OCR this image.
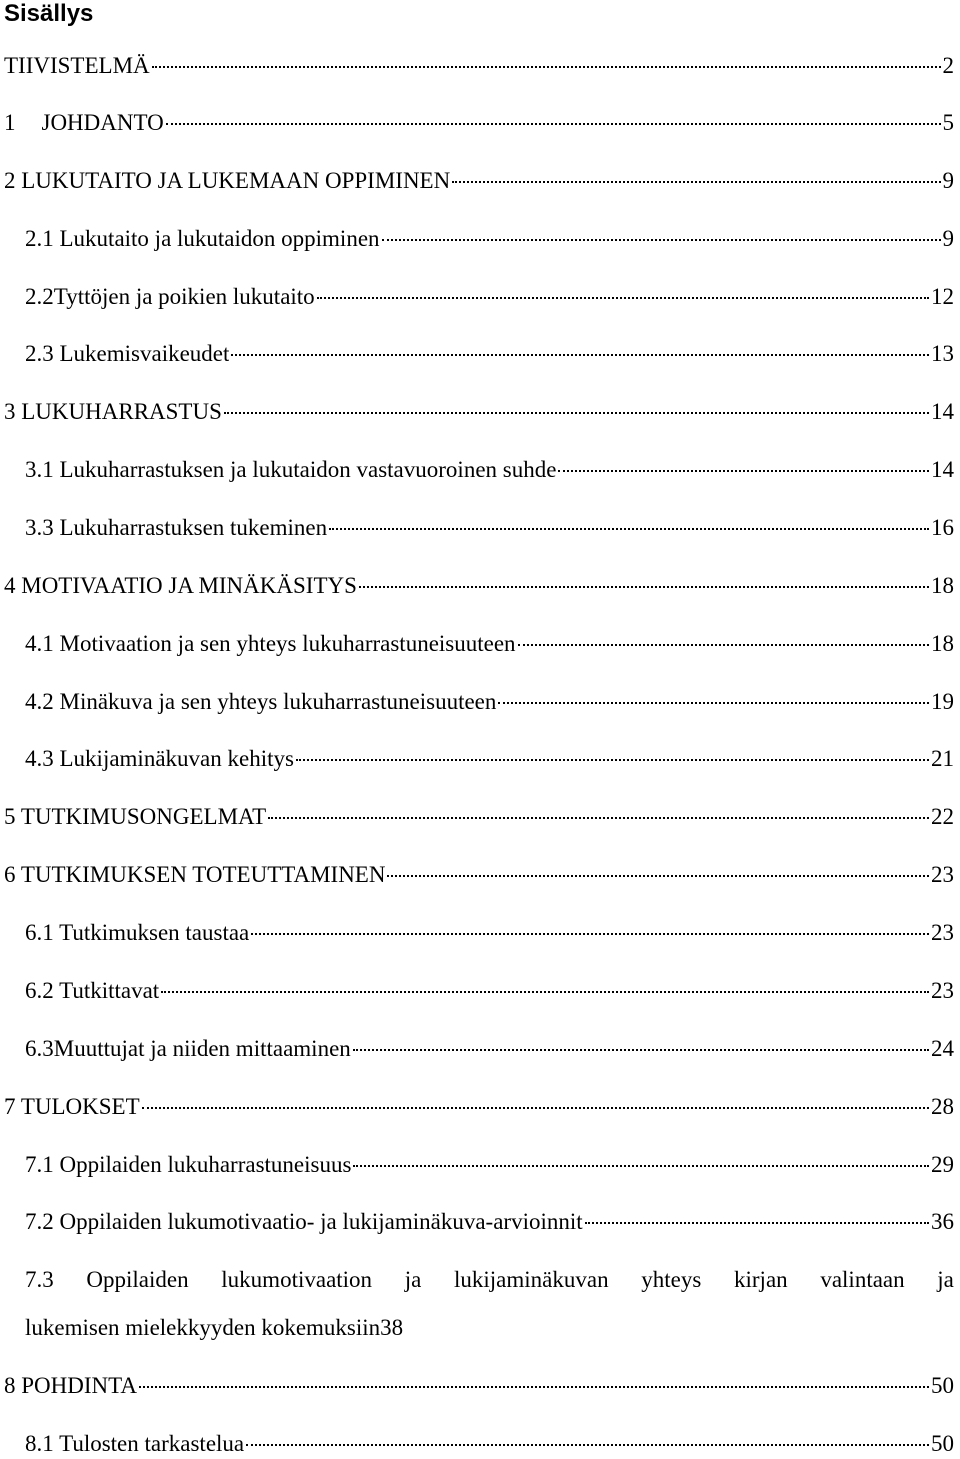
Sisällys
TIIVISTELMÄ	2
1 JOHDANTO	5
2 LUKUTAITO JA LUKEMAAN OPPIMINEN	9
2.1 Lukutaito ja lukutaidon oppiminen	9
2.2Tyttöjen ja poikien lukutaito	12
2.3 Lukemisvaikeudet	13
3 LUKUHARRASTUS	14
3.1 Lukuharrastuksen ja lukutaidon vastavuoroinen suhde	14
3.3 Lukuharrastuksen tukeminen	16
4 MOTIVAATIO JA MINÄKÄSITYS	18
4.1 Motivaation ja sen yhteys lukuharrastuneisuuteen	18
4.2 Minäkuva ja sen yhteys lukuharrastuneisuuteen	19
4.3 Lukijaminäkuvan kehitys	21
5 TUTKIMUSONGELMAT	22
6 TUTKIMUKSEN TOTEUTTAMINEN	23
6.1 Tutkimuksen taustaa	23
6.2 Tutkittavat	23
6.3Muuttujat ja niiden mittaaminen	24
7 TULOKSET	28
7.1 Oppilaiden lukuharrastuneisuus	29
7.2 Oppilaiden lukumotivaatio- ja lukijaminäkuva-arvioinnit	36
7.3 Oppilaiden lukumotivaation ja lukijaminäkuvan yhteys kirjan valintaan ja
lukemisen mielekkyyden kokemuksiin 38
8 POHDINTA	50
8.1 Tulosten tarkastelua	50
